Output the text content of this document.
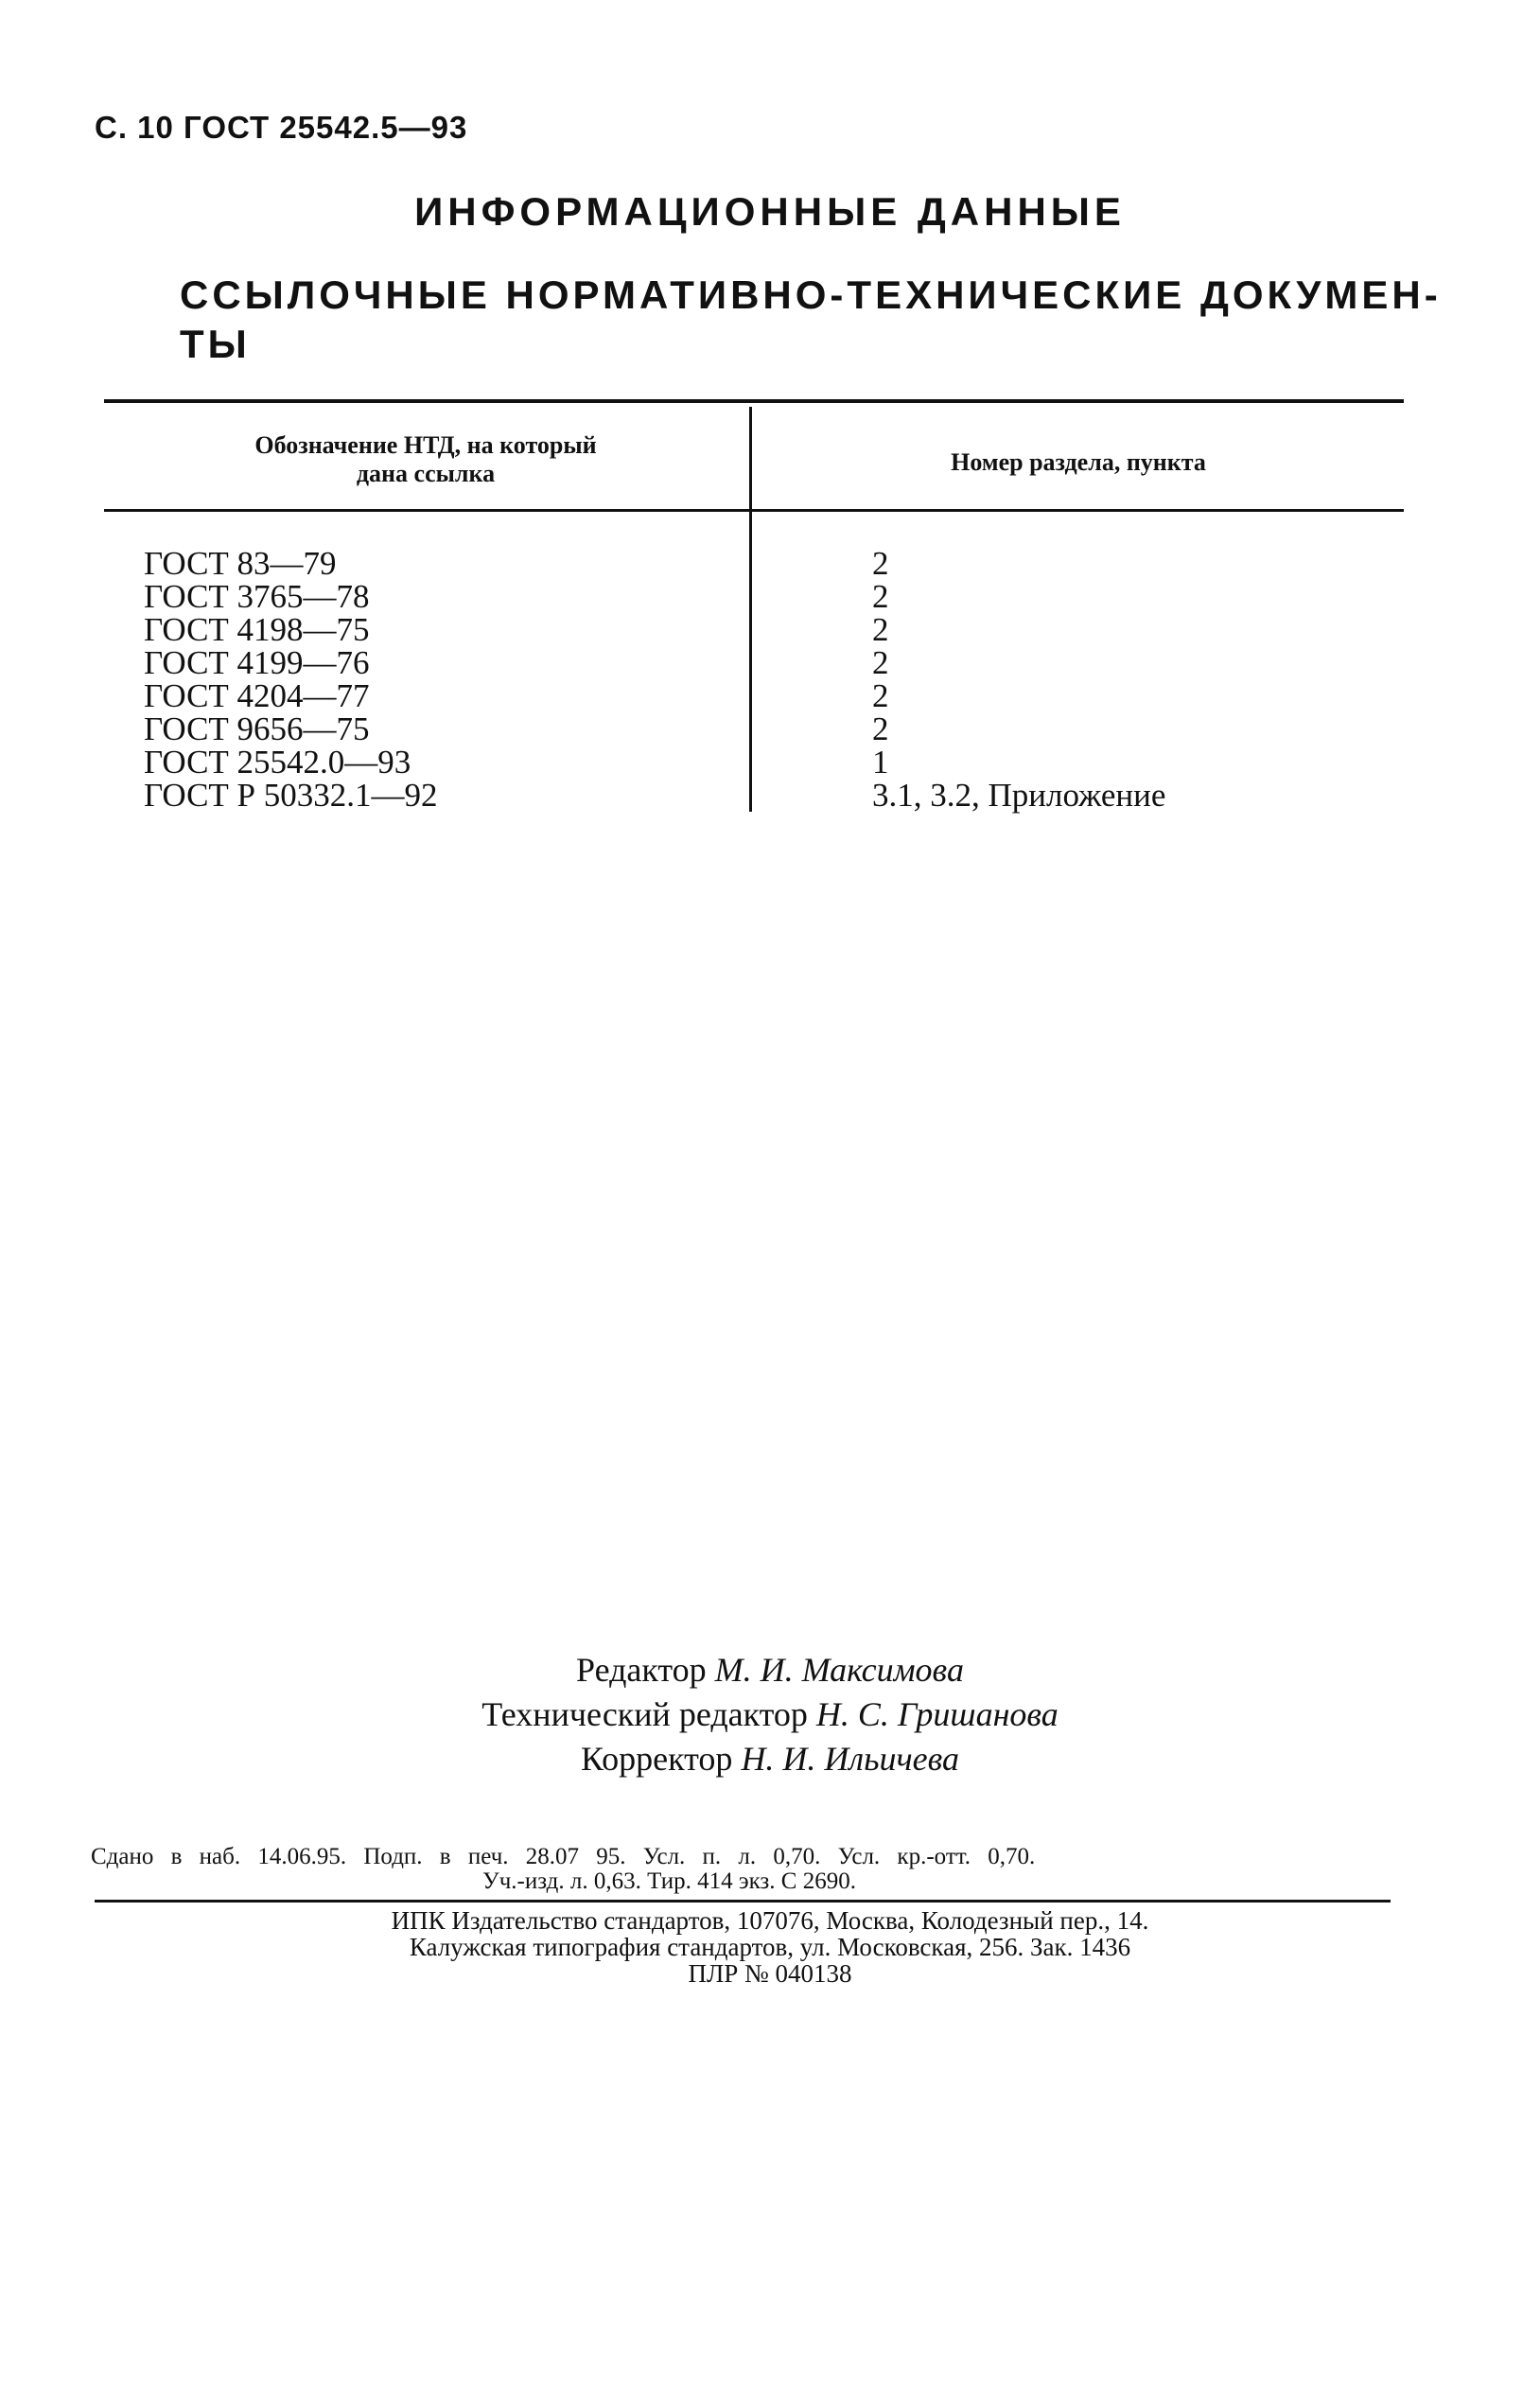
С. 10 ГОСТ 25542.5—93
ИНФОРМАЦИОННЫЕ ДАННЫЕ
ССЫЛОЧНЫЕ НОРМАТИВНО-ТЕХНИЧЕСКИЕ ДОКУМЕН-ТЫ
Обозначение НТД, на который
дана ссылка	Номер раздела, пункта
ГОСТ 83—79
ГОСТ 3765—78
ГОСТ 4198—75
ГОСТ 4199—76
ГОСТ 4204—77
ГОСТ 9656—75
ГОСТ 25542.0—93
ГОСТ Р 50332.1—92
2
2
2
2
2
2
1
3.1, 3.2, Приложение
Редактор М. И. Максимова
Технический редактор Н. С. Гришанова
Корректор Н. И. Ильичева
Сдано в наб. 14.06.95. Подп. в печ. 28.07 95. Усл. п. л. 0,70. Усл. кр.-отт. 0,70.
Уч.-изд. л. 0,63. Тир. 414 экз. С 2690.
ИПК Издательство стандартов, 107076, Москва, Колодезный пер., 14.
Калужская типография стандартов, ул. Московская, 256. Зак. 1436
ПЛР № 040138
